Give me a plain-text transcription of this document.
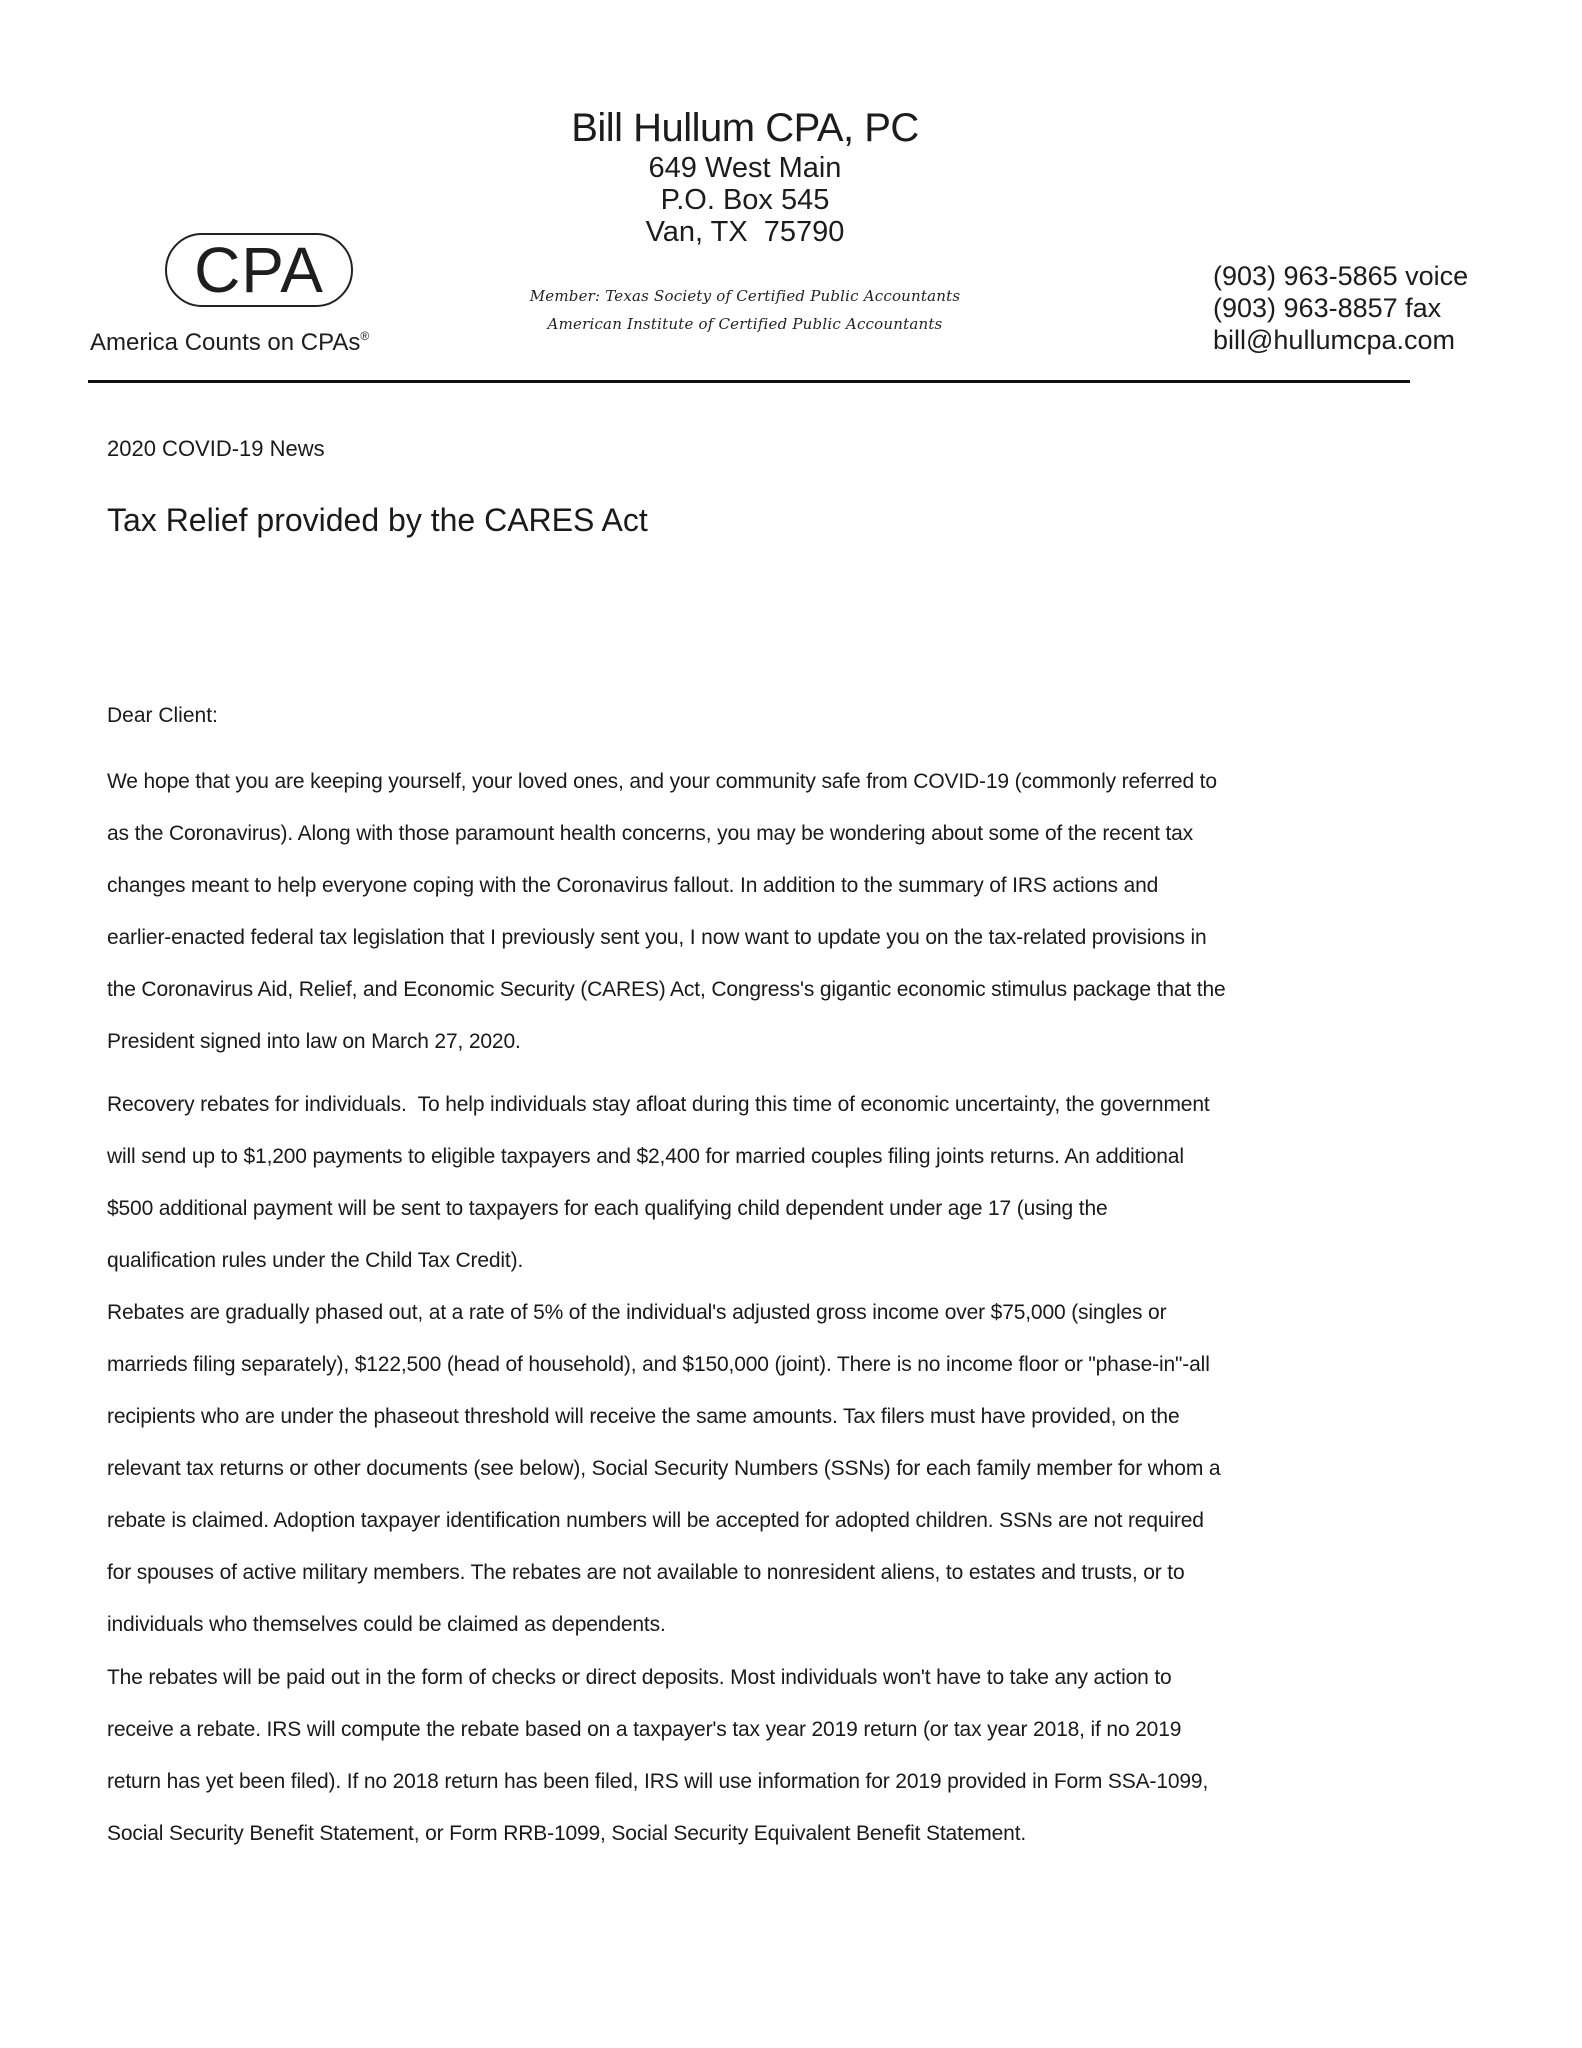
Bill Hullum CPA, PC
649 West Main
P.O. Box 545
Van, TX  75790
Member: Texas Society of Certified Public Accountants
American Institute of Certified Public Accountants
CPA
America Counts on CPAs®
(903) 963-5865 voice
(903) 963-8857 fax
bill@hullumcpa.com
2020 COVID-19 News
Tax Relief provided by the CARES Act
Dear Client:
We hope that you are keeping yourself, your loved ones, and your community safe from COVID-19 (commonly referred to
as the Coronavirus). Along with those paramount health concerns, you may be wondering about some of the recent tax
changes meant to help everyone coping with the Coronavirus fallout. In addition to the summary of IRS actions and
earlier-enacted federal tax legislation that I previously sent you, I now want to update you on the tax-related provisions in
the Coronavirus Aid, Relief, and Economic Security (CARES) Act, Congress's gigantic economic stimulus package that the
President signed into law on March 27, 2020.
Recovery rebates for individuals.  To help individuals stay afloat during this time of economic uncertainty, the government
will send up to $1,200 payments to eligible taxpayers and $2,400 for married couples filing joints returns. An additional
$500 additional payment will be sent to taxpayers for each qualifying child dependent under age 17 (using the
qualification rules under the Child Tax Credit).
Rebates are gradually phased out, at a rate of 5% of the individual's adjusted gross income over $75,000 (singles or
marrieds filing separately), $122,500 (head of household), and $150,000 (joint). There is no income floor or "phase-in"-all
recipients who are under the phaseout threshold will receive the same amounts. Tax filers must have provided, on the
relevant tax returns or other documents (see below), Social Security Numbers (SSNs) for each family member for whom a
rebate is claimed. Adoption taxpayer identification numbers will be accepted for adopted children. SSNs are not required
for spouses of active military members. The rebates are not available to nonresident aliens, to estates and trusts, or to
individuals who themselves could be claimed as dependents.
The rebates will be paid out in the form of checks or direct deposits. Most individuals won't have to take any action to
receive a rebate. IRS will compute the rebate based on a taxpayer's tax year 2019 return (or tax year 2018, if no 2019
return has yet been filed). If no 2018 return has been filed, IRS will use information for 2019 provided in Form SSA-1099,
Social Security Benefit Statement, or Form RRB-1099, Social Security Equivalent Benefit Statement.
